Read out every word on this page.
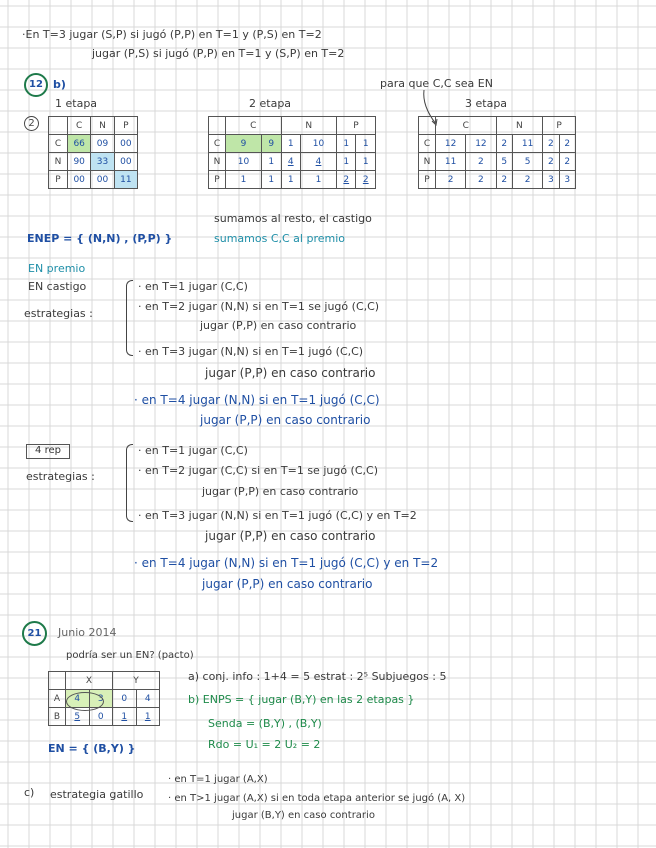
·En T=3 jugar (S,P) si jugó (P,P) en T=1 y (P,S) en T=2
jugar (P,S) si jugó (P,P) en T=1 y (S,P) en T=2
12 b)	para que C,C sea EN
1 etapa	2 etapa	3 etapa
2
		C	N	P
C	66	09	00
N	90	33	00
P	00	00	11
	C		N		P	
C	9	9	1	10	1	1
N	10	1	4	4	1	1
P	1	1	1	1	2	2
	C		N		P	
C	12	12	2	11	2	2
N	11	2	5	5	2	2
P	2	2	2	2	3	3
sumamos al resto, el castigo
sumamos C,C al premio
ENEP = { (N,N) , (P,P) }
EN premio
EN castigo
estrategias :
· en T=1 jugar (C,C)
· en T=2 jugar (N,N) si en T=1 se jugó (C,C)
jugar (P,P) en caso contrario
· en T=3 jugar (N,N) si en T=1 jugó (C,C)
jugar (P,P) en caso contrario
· en T=4 jugar (N,N) si en T=1 jugó (C,C)
jugar (P,P) en caso contrario
4 rep
estrategias :
· en T=1 jugar (C,C)
· en T=2 jugar (C,C) si en T=1 se jugó (C,C)
jugar (P,P) en caso contrario
· en T=3 jugar (N,N) si en T=1 jugó (C,C) y en T=2
jugar (P,P) en caso contrario
· en T=4 jugar (N,N) si en T=1 jugó (C,C) y en T=2
jugar (P,P) en caso contrario
21	Junio 2014
podría ser un EN? (pacto)
	X		Y	
A	4	3	0	4
B	5	0	1	1
EN = { (B,Y) }
a) conj. info : 1+4 = 5 estrat : 2⁵ Subjuegos : 5
b) ENPS = { jugar (B,Y) en las 2 etapas }
Senda = (B,Y) , (B,Y)
Rdo = U₁ = 2 U₂ = 2
c) estrategia gatillo
· en T=1 jugar (A,X)
· en T>1 jugar (A,X) si en toda etapa anterior se jugó (A, X)
jugar (B,Y) en caso contrario
